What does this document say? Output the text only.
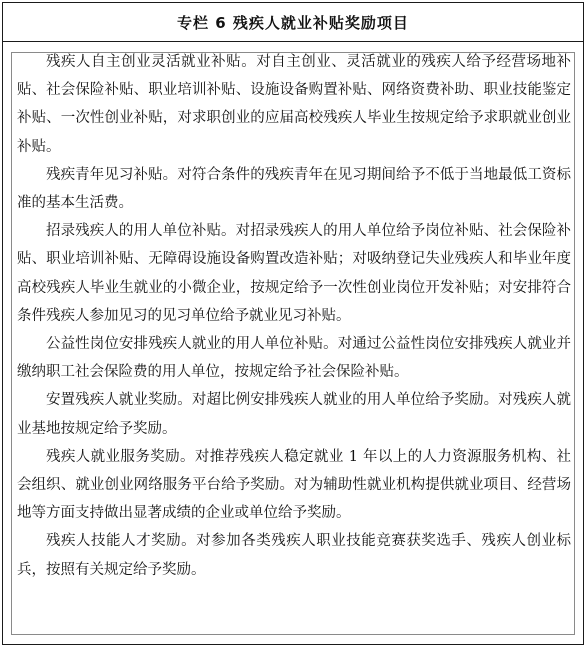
专栏 6 残疾人就业补贴奖励项目

残疾人自主创业灵活就业补贴。对自主创业、灵活就业的残疾人给予经营场地补贴、社会保险补贴、职业培训补贴、设施设备购置补贴、网络资费补助、职业技能鉴定补贴、一次性创业补贴，对求职创业的应届高校残疾人毕业生按规定给予求职就业创业补贴。

残疾青年见习补贴。对符合条件的残疾青年在见习期间给予不低于当地最低工资标准的基本生活费。

招录残疾人的用人单位补贴。对招录残疾人的用人单位给予岗位补贴、社会保险补贴、职业培训补贴、无障碍设施设备购置改造补贴；对吸纳登记失业残疾人和毕业年度高校残疾人毕业生就业的小微企业，按规定给予一次性创业岗位开发补贴；对安排符合条件残疾人参加见习的见习单位给予就业见习补贴。

公益性岗位安排残疾人就业的用人单位补贴。对通过公益性岗位安排残疾人就业并缴纳职工社会保险费的用人单位，按规定给予社会保险补贴。

安置残疾人就业奖励。对超比例安排残疾人就业的用人单位给予奖励。对残疾人就业基地按规定给予奖励。

残疾人就业服务奖励。对推荐残疾人稳定就业 1 年以上的人力资源服务机构、社会组织、就业创业网络服务平台给予奖励。对为辅助性就业机构提供就业项目、经营场地等方面支持做出显著成绩的企业或单位给予奖励。

残疾人技能人才奖励。对参加各类残疾人职业技能竞赛获奖选手、残疾人创业标兵，按照有关规定给予奖励。
